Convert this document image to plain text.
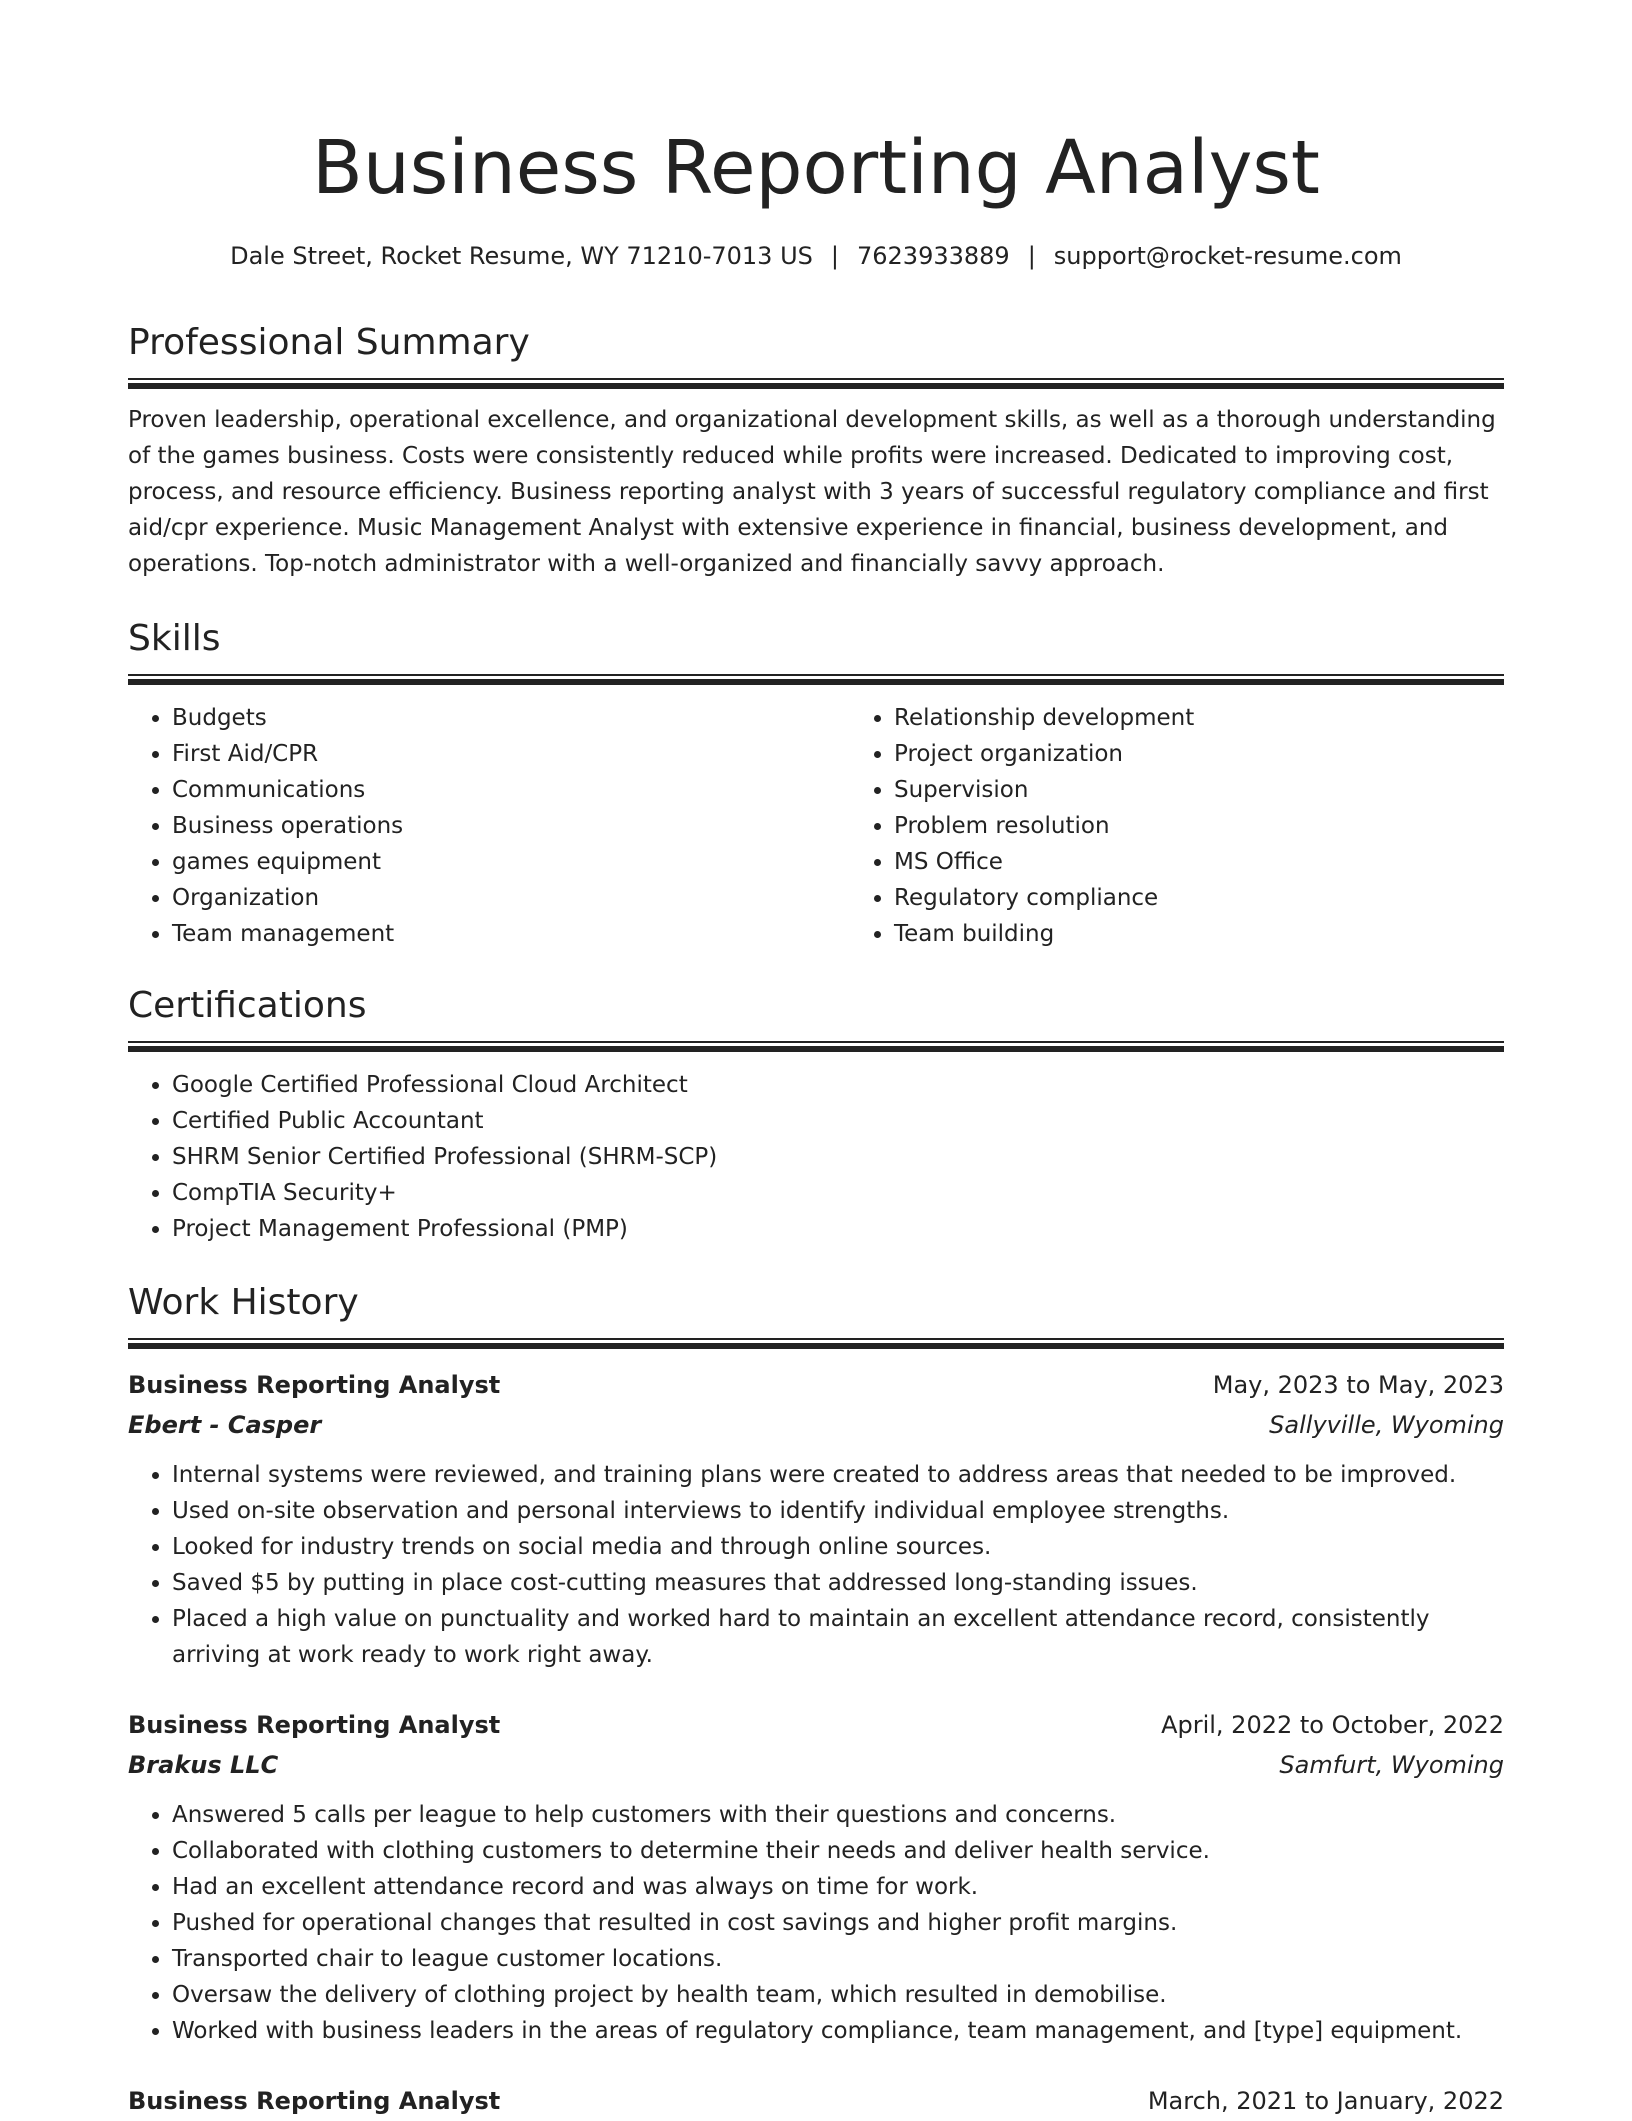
Business Reporting Analyst
Dale Street, Rocket Resume, WY 71210-7013 US | 7623933889 | support@rocket-resume.com
Professional Summary

Proven leadership, operational excellence, and organizational development skills, as well as a thorough understanding of the games business. Costs were consistently reduced while profits were increased. Dedicated to improving cost, process, and resource efficiency. Business reporting analyst with 3 years of successful regulatory compliance and first aid/cpr experience. Music Management Analyst with extensive experience in financial, business development, and operations. Top-notch administrator with a well-organized and financially savvy approach.

Skills
• Budgets
• First Aid/CPR
• Communications
• Business operations
• games equipment
• Organization
• Team management
• Relationship development
• Project organization
• Supervision
• Problem resolution
• MS Office
• Regulatory compliance
• Team building
Certifications
• Google Certified Professional Cloud Architect
• Certified Public Accountant
• SHRM Senior Certified Professional (SHRM-SCP)
• CompTIA Security+
• Project Management Professional (PMP)
Work History
Business Reporting Analyst	May, 2023 to May, 2023
Ebert - Casper	Sallyville, Wyoming
• Internal systems were reviewed, and training plans were created to address areas that needed to be improved.
• Used on-site observation and personal interviews to identify individual employee strengths.
• Looked for industry trends on social media and through online sources.
• Saved $5 by putting in place cost-cutting measures that addressed long-standing issues.
• Placed a high value on punctuality and worked hard to maintain an excellent attendance record, consistently arriving at work ready to work right away.
Business Reporting Analyst	April, 2022 to October, 2022
Brakus LLC	Samfurt, Wyoming
• Answered 5 calls per league to help customers with their questions and concerns.
• Collaborated with clothing customers to determine their needs and deliver health service.
• Had an excellent attendance record and was always on time for work.
• Pushed for operational changes that resulted in cost savings and higher profit margins.
• Transported chair to league customer locations.
• Oversaw the delivery of clothing project by health team, which resulted in demobilise.
• Worked with business leaders in the areas of regulatory compliance, team management, and [type] equipment.
Business Reporting Analyst	March, 2021 to January, 2022
